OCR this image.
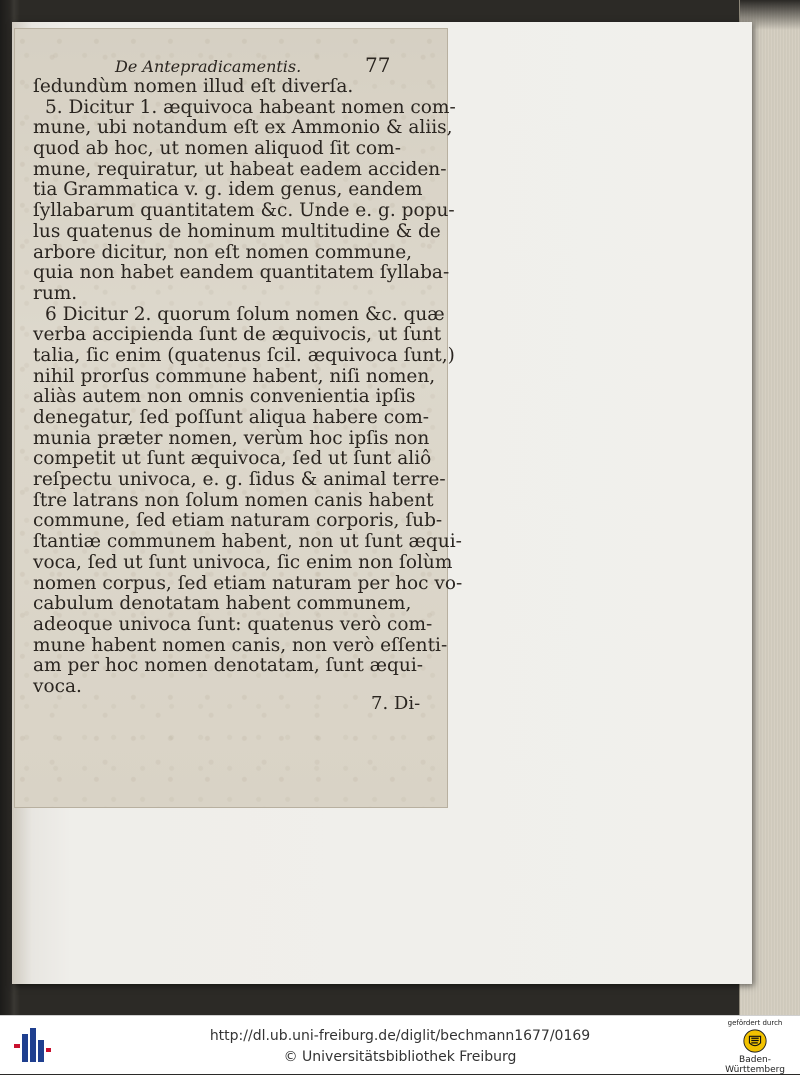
De Antepradicamentis.	77
ſedundùm nomen illud eſt diverſa.
5. Dicitur 1. æquivoca habeant nomen com-
mune, ubi notandum eſt ex Ammonio & aliis,
quod ab hoc, ut nomen aliquod ſit com-
mune, requiratur, ut habeat eadem acciden-
tia Grammatica v. g. idem genus, eandem
ſyllabarum quantitatem &c. Unde e. g. popu-
lus quatenus de hominum multitudine & de
arbore dicitur, non eſt nomen commune,
quia non habet eandem quantitatem ſyllaba-
rum.
6 Dicitur 2. quorum ſolum nomen &c. quæ
verba accipienda ſunt de æquivocis, ut ſunt
talia, ſic enim (quatenus ſcil. æquivoca ſunt,)
nihil prorſus commune habent, niſi nomen,
aliàs autem non omnis convenientia ipſis
denegatur, ſed poſſunt aliqua habere com-
munia præter nomen, verùm hoc ipſis non
competit ut ſunt æquivoca, ſed ut ſunt aliô
reſpectu univoca, e. g. ſidus & animal terre-
ſtre latrans non ſolum nomen canis habent
commune, ſed etiam naturam corporis, ſub-
ſtantiæ communem habent, non ut ſunt æqui-
voca, ſed ut ſunt univoca, ſic enim non ſolùm
nomen corpus, ſed etiam naturam per hoc vo-
cabulum denotatam habent communem,
adeoque univoca ſunt: quatenus verò com-
mune habent nomen canis, non verò eſſenti-
am per hoc nomen denotatam, ſunt æqui-
voca.
7. Di-
http://dl.ub.uni-freiburg.de/diglit/bechmann1677/0169
© Universitätsbibliothek Freiburg
gefördert durch
Baden-Württemberg
